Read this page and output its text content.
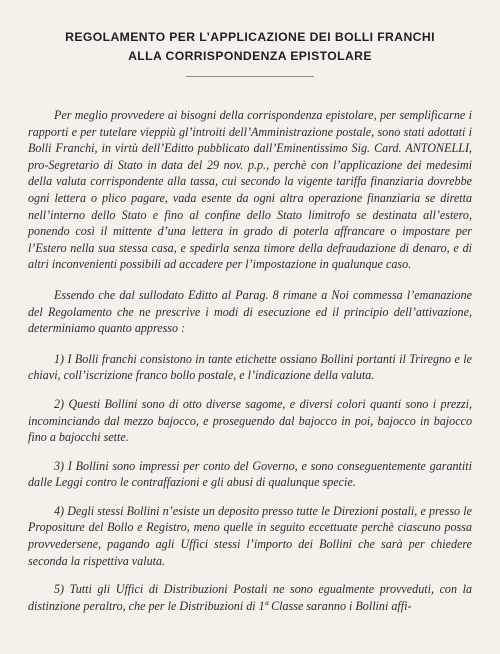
REGOLAMENTO PER L’APPLICAZIONE DEI BOLLI FRANCHI
ALLA CORRISPONDENZA EPISTOLARE

Per meglio provvedere ai bisogni della corrispondenza epistolare, per semplificarne i rapporti e per tutelare vieppiù gl’introiti dell’Amministrazione postale, sono stati adottati i Bolli Franchi, in virtù dell’Editto pubblicato dall’Eminentissimo Sig. Card. ANTONELLI, pro-Segretario di Stato in data del 29 nov. p.p., perchè con l’applicazione dei medesimi della valuta corrispondente alla tassa, cui secondo la vigente tariffa finanziaria dovrebbe ogni lettera o plico pagare, vada esente da ogni altra operazione finanziaria se diretta nell’interno dello Stato e fino al confine dello Stato limitrofo se destinata all’estero, ponendo così il mittente d’una lettera in grado di poterla affrancare o impostare per l’Estero nella sua stessa casa, e spedirla senza timore della defraudazione di denaro, e di altri inconvenienti possibili ad accadere per l’impostazione in qualunque caso.

Essendo che dal sullodato Editto al Parag. 8 rimane a Noi commessa l’emanazione del Regolamento che ne prescrive i modi di esecuzione ed il principio dell’attivazione, determiniamo quanto appresso :

1) I Bolli franchi consistono in tante etichette ossiano Bollini portanti il Triregno e le chiavi, coll’iscrizione franco bollo postale, e l’indicazione della valuta.

2) Questi Bollini sono di otto diverse sagome, e diversi colori quanti sono i prezzi, incominciando dal mezzo bajocco, e proseguendo dal bajocco in poi, bajocco in bajocco fino a bajocchi sette.

3) I Bollini sono impressi per conto del Governo, e sono conseguentemente garantiti dalle Leggi contro le contraffazioni e gli abusi di qualunque specie.

4) Degli stessi Bollini n’esiste un deposito presso tutte le Direzioni postali, e presso le Propositure del Bollo e Registro, meno quelle in seguito eccettuate perchè ciascuno possa provvedersene, pagando agli Uffici stessi l’importo dei Bollini che sarà per chiedere seconda la rispettiva valuta.

5) Tutti gli Uffici di Distribuzioni Postali ne sono egualmente provveduti, con la distinzione peraltro, che per le Distribuzioni di 1ª Classe saranno i Bollini affi-
